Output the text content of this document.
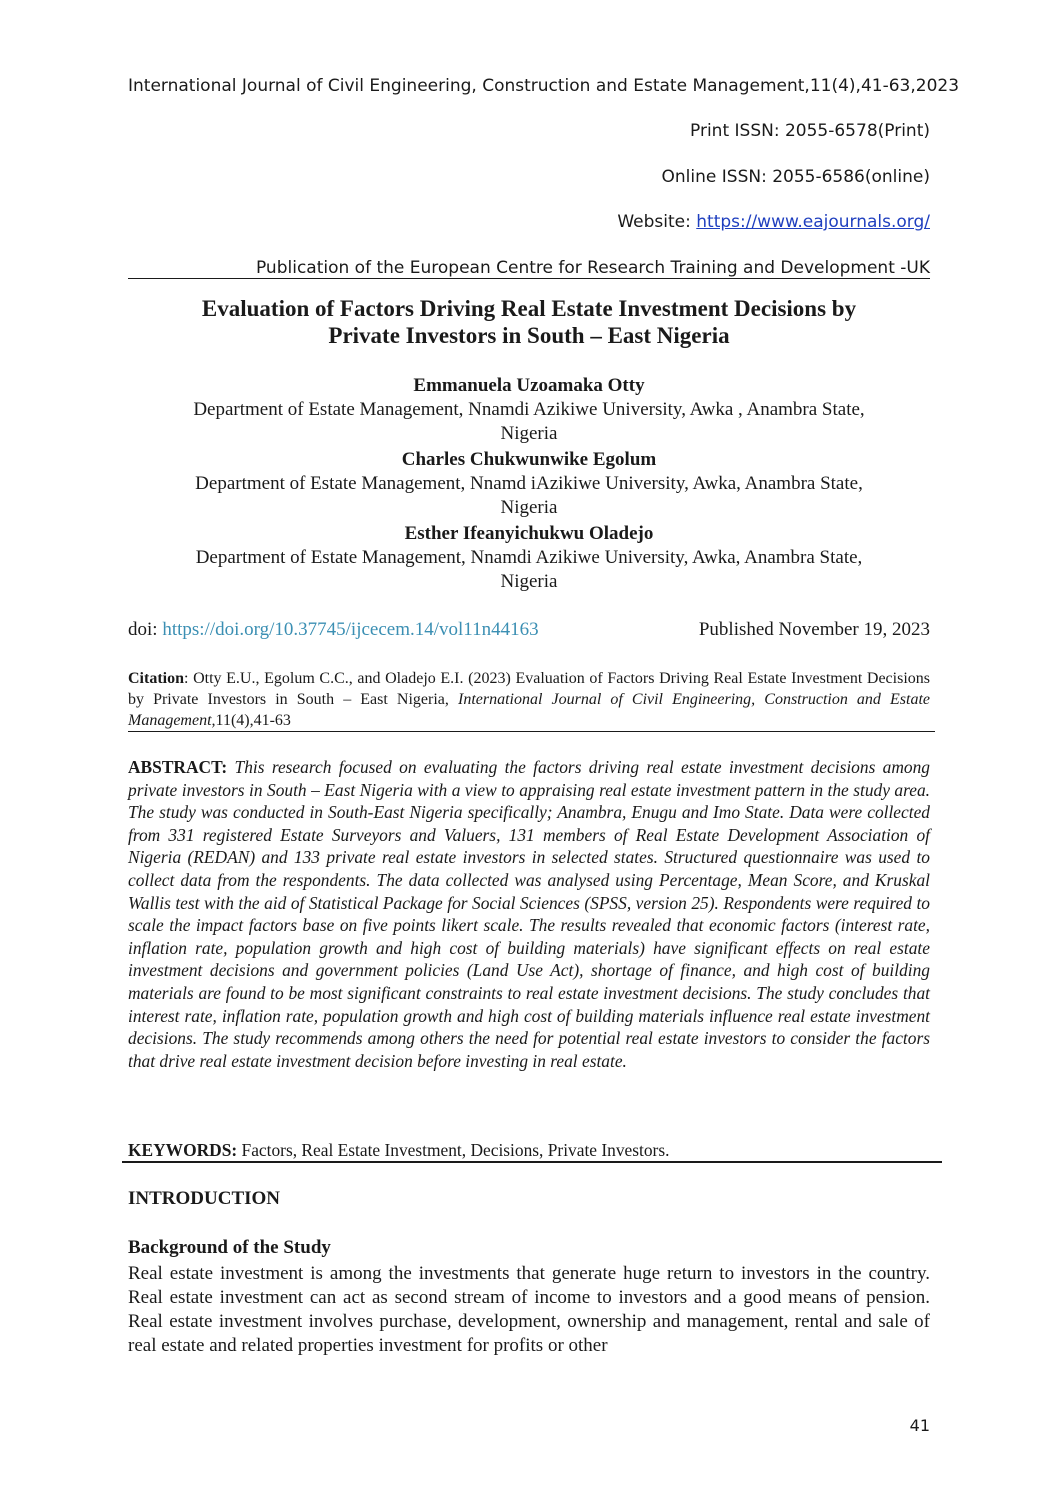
International Journal of Civil Engineering, Construction and Estate Management,11(4),41-63,2023
Print ISSN: 2055-6578(Print)
Online ISSN: 2055-6586(online)
Website: https://www.eajournals.org/
Publication of the European Centre for Research Training and Development -UK
Evaluation of Factors Driving Real Estate Investment Decisions by
Private Investors in South – East Nigeria
Emmanuela Uzoamaka Otty
Department of Estate Management, Nnamdi Azikiwe University, Awka , Anambra State,
Nigeria
Charles Chukwunwike Egolum
Department of Estate Management, Nnamd iAzikiwe University, Awka, Anambra State,
Nigeria
Esther Ifeanyichukwu Oladejo
Department of Estate Management, Nnamdi Azikiwe University, Awka, Anambra State,
Nigeria
doi: https://doi.org/10.37745/ijcecem.14/vol11n44163	Published November 19, 2023
Citation: Otty E.U., Egolum C.C., and Oladejo E.I. (2023) Evaluation of Factors Driving Real Estate Investment Decisions by Private Investors in South – East Nigeria, International Journal of Civil Engineering, Construction and Estate Management,11(4),41-63
ABSTRACT: This research focused on evaluating the factors driving real estate investment decisions among private investors in South – East Nigeria with a view to appraising real estate investment pattern in the study area. The study was conducted in South-East Nigeria specifically; Anambra, Enugu and Imo State. Data were collected from 331 registered Estate Surveyors and Valuers, 131 members of Real Estate Development Association of Nigeria (REDAN) and 133 private real estate investors in selected states. Structured questionnaire was used to collect data from the respondents. The data collected was analysed using Percentage, Mean Score, and Kruskal Wallis test with the aid of Statistical Package for Social Sciences (SPSS, version 25). Respondents were required to scale the impact factors base on five points likert scale. The results revealed that economic factors (interest rate, inflation rate, population growth and high cost of building materials) have significant effects on real estate investment decisions and government policies (Land Use Act), shortage of finance, and high cost of building materials are found to be most significant constraints to real estate investment decisions. The study concludes that interest rate, inflation rate, population growth and high cost of building materials influence real estate investment decisions. The study recommends among others the need for potential real estate investors to consider the factors that drive real estate investment decision before investing in real estate.
KEYWORDS: Factors, Real Estate Investment, Decisions, Private Investors.
INTRODUCTION
Background of the Study
Real estate investment is among the investments that generate huge return to investors in the country. Real estate investment can act as second stream of income to investors and a good means of pension. Real estate investment involves purchase, development, ownership and management, rental and sale of real estate and related properties investment for profits or other
41
